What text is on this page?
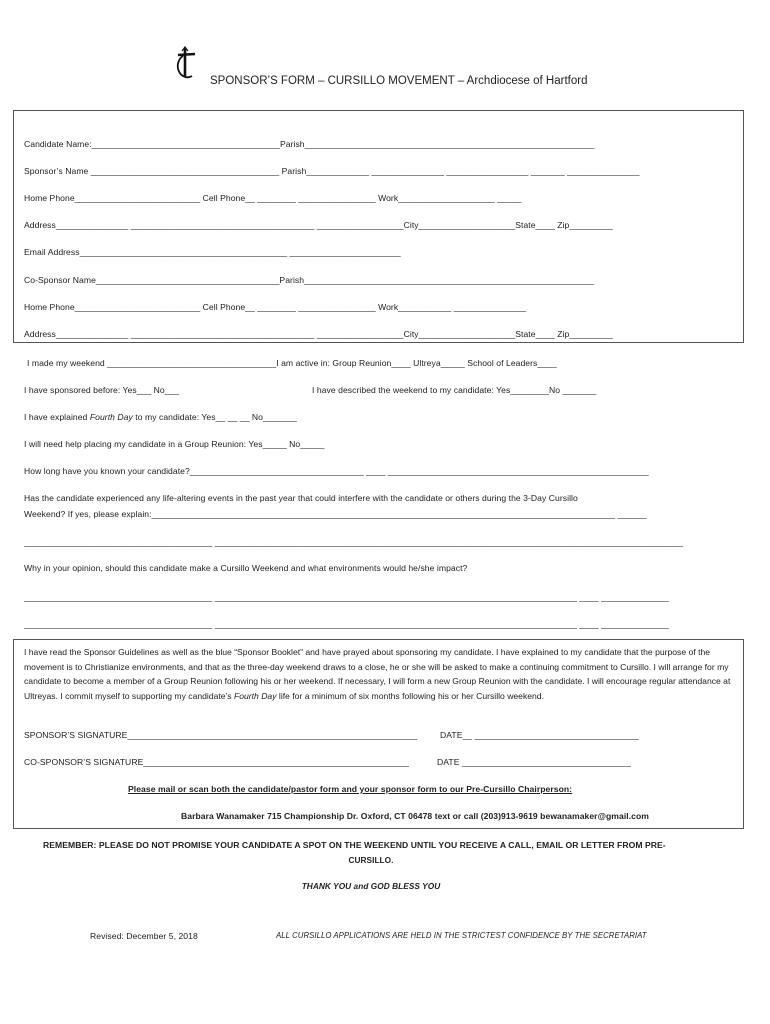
SPONSOR’S FORM – CURSILLO MOVEMENT – Archdiocese of Hartford
Candidate Name:_______________________________________Parish____________________________________________________________
Sponsor’s Name _______________________________________ Parish_____________ _______________ _________________ _______ _______________
Home Phone__________________________ Cell Phone__ ________ ________________ Work____________________ _____
Address_______________ ______________________________________ __________________City____________________State____ Zip_________
Email Address___________________________________________ _______________________
Co-Sponsor Name______________________________________Parish____________________________________________________________
Home Phone__________________________ Cell Phone__ ________ ________________ Work___________ _______________
Address_______________ ______________________________________ __________________City____________________State____ Zip_________
I made my weekend ___________________________________I am active in: Group Reunion____ Ultreya_____ School of Leaders____
I have sponsored before: Yes___ No___	I have described the weekend to my candidate: Yes________No _______
I have explained Fourth Day to my candidate: Yes__ __ __ No_______
I will need help placing my candidate in a Group Reunion: Yes_____ No_____
How long have you known your candidate?____________________________________ ____ ______________________________________________________
Has the candidate experienced any life-altering events in the past year that could interfere with the candidate or others during the 3-Day Cursillo
Weekend? If yes, please explain:________________________________________________________________________________________________ ______
_______________________________________ _________________________________________________________________________________________________
Why in your opinion, should this candidate make a Cursillo Weekend and what environments would he/she impact?
_______________________________________ ___________________________________________________________________________ ____ ______________
_______________________________________ ___________________________________________________________________________ ____ ______________
I have read the Sponsor Guidelines as well as the blue “Sponsor Booklet” and have prayed about sponsoring my candidate. I have explained to my candidate that the purpose of the movement is to Christianize environments, and that as the three-day weekend draws to a close, he or she will be asked to make a continuing commitment to Cursillo. I will arrange for my candidate to become a member of a Group Reunion following his or her weekend. If necessary, I will form a new Group Reunion with the candidate. I will encourage regular attendance at Ultreyas. I commit myself to supporting my candidate’s Fourth Day life for a minimum of six months following his or her Cursillo weekend.
SPONSOR’S SIGNATURE____________________________________________________________	DATE__ __________________________________
CO-SPONSOR’S SIGNATURE_______________________________________________________	DATE ___________________________________
Please mail or scan both the candidate/pastor form and your sponsor form to our Pre-Cursillo Chairperson:
Barbara Wanamaker 715 Championship Dr. Oxford, CT 06478 text or call (203)913-9619 bewanamaker@gmail.com
REMEMBER: PLEASE DO NOT PROMISE YOUR CANDIDATE A SPOT ON THE WEEKEND UNTIL YOU RECEIVE A CALL, EMAIL OR LETTER FROM PRE-
CURSILLO.
THANK YOU and GOD BLESS YOU
Revised: December 5, 2018	ALL CURSILLO APPLICATIONS ARE HELD IN THE STRICTEST CONFIDENCE BY THE SECRETARIAT
